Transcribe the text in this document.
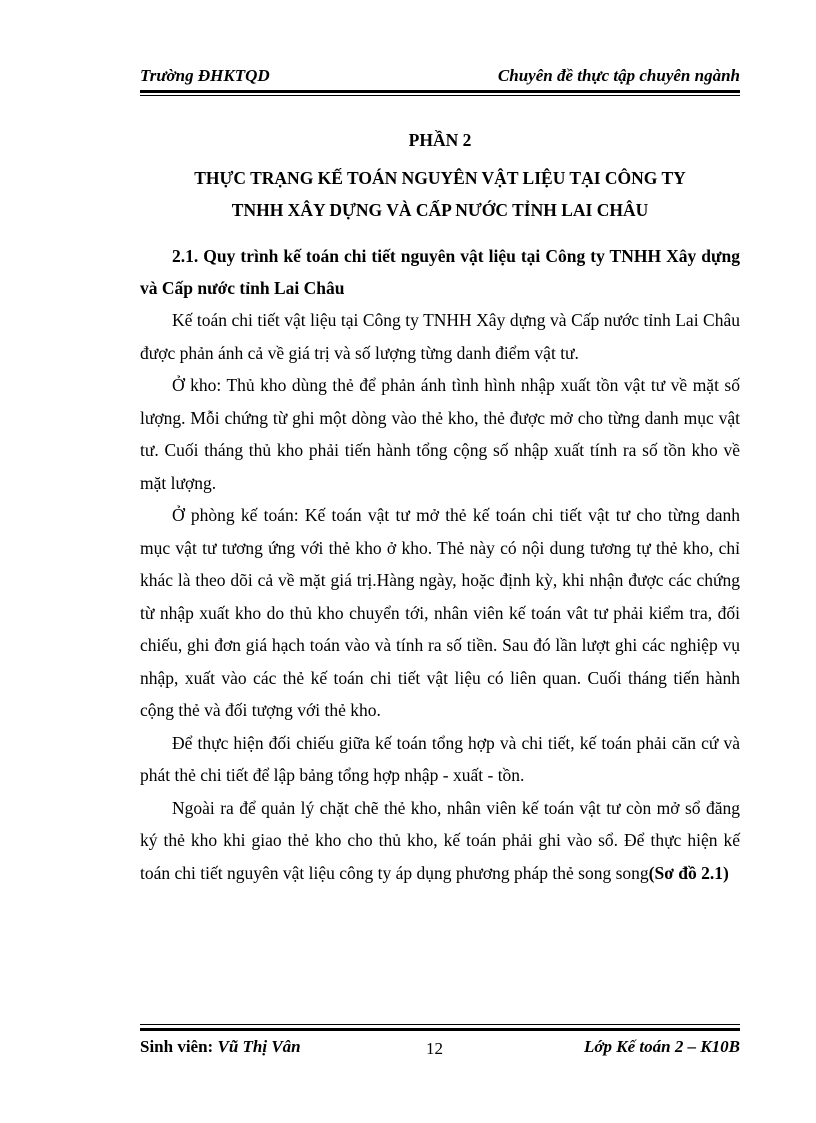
Trường ĐHKTQD	Chuyên đề thực tập chuyên ngành

PHẦN 2

THỰC TRẠNG KẾ TOÁN NGUYÊN VẬT LIỆU TẠI CÔNG TY
TNHH XÂY DỰNG VÀ CẤP NƯỚC TỈNH LAI CHÂU

2.1. Quy trình kế toán chi tiết nguyên vật liệu tại Công ty TNHH Xây dựng và Cấp nước tỉnh Lai Châu

Kế toán chi tiết vật liệu tại Công ty TNHH Xây dựng và Cấp nước tỉnh Lai Châu được phản ánh cả về giá trị và số lượng từng danh điểm vật tư.

Ở kho: Thủ kho dùng thẻ để phản ánh tình hình nhập xuất tồn vật tư về mặt số lượng. Mỗi chứng từ ghi một dòng vào thẻ kho, thẻ được mở cho từng danh mục vật tư. Cuối tháng thủ kho phải tiến hành tổng cộng số nhập xuất tính ra số tồn kho về mặt lượng.

Ở phòng kế toán: Kế toán vật tư mở thẻ kế toán chi tiết vật tư cho từng danh mục vật tư tương ứng với thẻ kho ở kho. Thẻ này có nội dung tương tự thẻ kho, chỉ khác là theo dõi cả về mặt giá trị.Hàng ngày, hoặc định kỳ, khi nhận được các chứng từ nhập xuất kho do thủ kho chuyển tới, nhân viên kế toán vât tư phải kiểm tra, đối chiếu, ghi đơn giá hạch toán vào và tính ra số tiền. Sau đó lần lượt ghi các nghiệp vụ nhập, xuất vào các thẻ kế toán chi tiết vật liệu có liên quan. Cuối tháng tiến hành cộng thẻ và đối tượng với thẻ kho.

Để thực hiện đối chiếu giữa kế toán tổng hợp và chi tiết, kế toán phải căn cứ và phát thẻ chi tiết để lập bảng tổng hợp nhập - xuất - tồn.

Ngoài ra để quản lý chặt chẽ thẻ kho, nhân viên kế toán vật tư còn mở sổ đăng ký thẻ kho khi giao thẻ kho cho thủ kho, kế toán phải ghi vào sổ. Để thực hiện kế toán chi tiết nguyên vật liệu công ty áp dụng phương pháp thẻ song song(Sơ đồ 2.1)

Sinh viên: Vũ Thị Vân	12	Lớp Kế toán 2 – K10B
